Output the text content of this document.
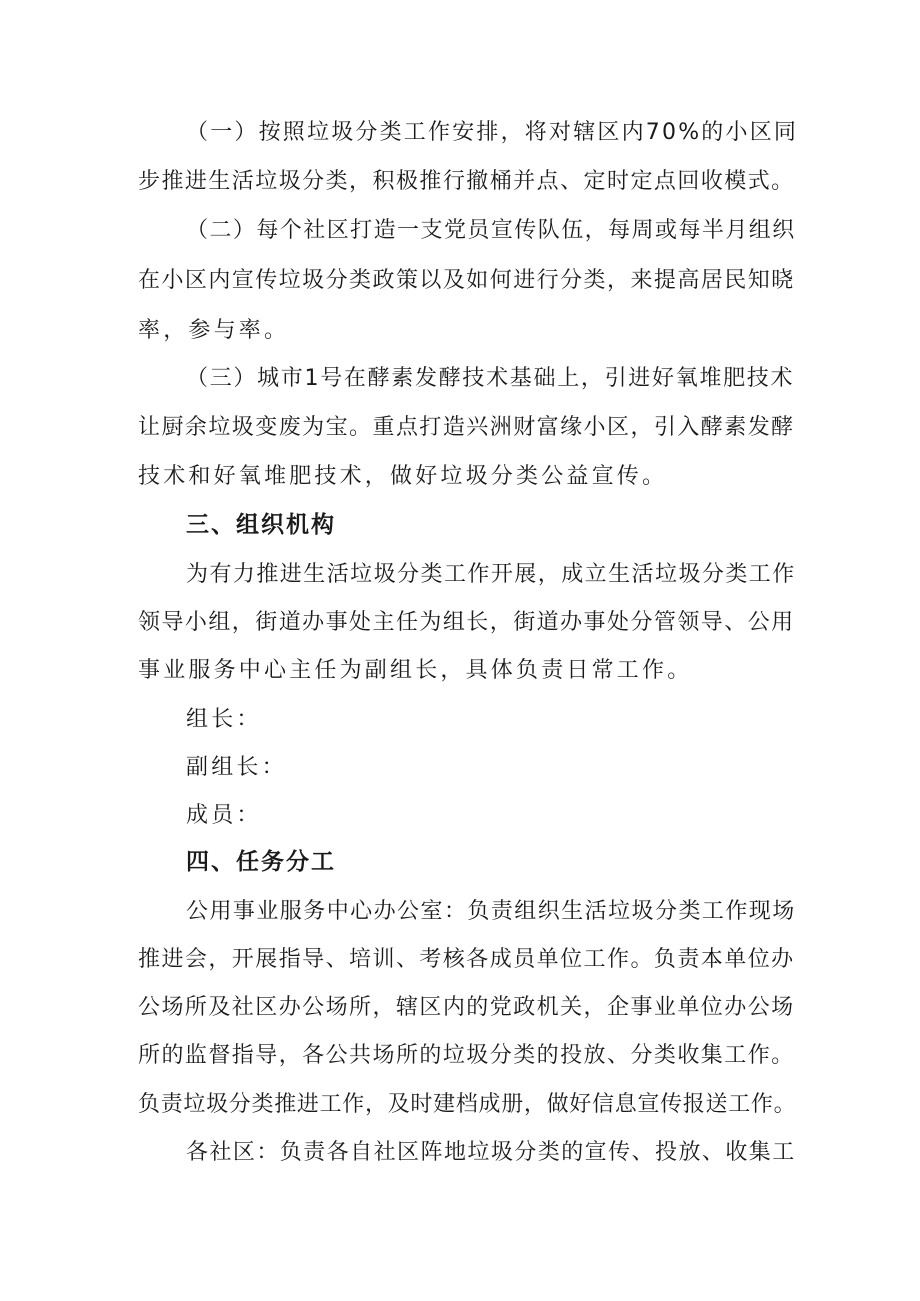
（一）按照垃圾分类工作安排，将对辖区内70%的小区同
步推进生活垃圾分类，积极推行撤桶并点、定时定点回收模式。
（二）每个社区打造一支党员宣传队伍，每周或每半月组织
在小区内宣传垃圾分类政策以及如何进行分类，来提高居民知晓
率，参与率。
（三）城市1号在酵素发酵技术基础上，引进好氧堆肥技术
让厨余垃圾变废为宝。重点打造兴洲财富缘小区，引入酵素发酵
技术和好氧堆肥技术，做好垃圾分类公益宣传。
三、组织机构
为有力推进生活垃圾分类工作开展，成立生活垃圾分类工作
领导小组，街道办事处主任为组长，街道办事处分管领导、公用
事业服务中心主任为副组长，具体负责日常工作。
组长：
副组长：
成员：
四、任务分工
公用事业服务中心办公室：负责组织生活垃圾分类工作现场
推进会，开展指导、培训、考核各成员单位工作。负责本单位办
公场所及社区办公场所，辖区内的党政机关，企事业单位办公场
所的监督指导，各公共场所的垃圾分类的投放、分类收集工作。
负责垃圾分类推进工作，及时建档成册，做好信息宣传报送工作。
各社区：负责各自社区阵地垃圾分类的宣传、投放、收集工
